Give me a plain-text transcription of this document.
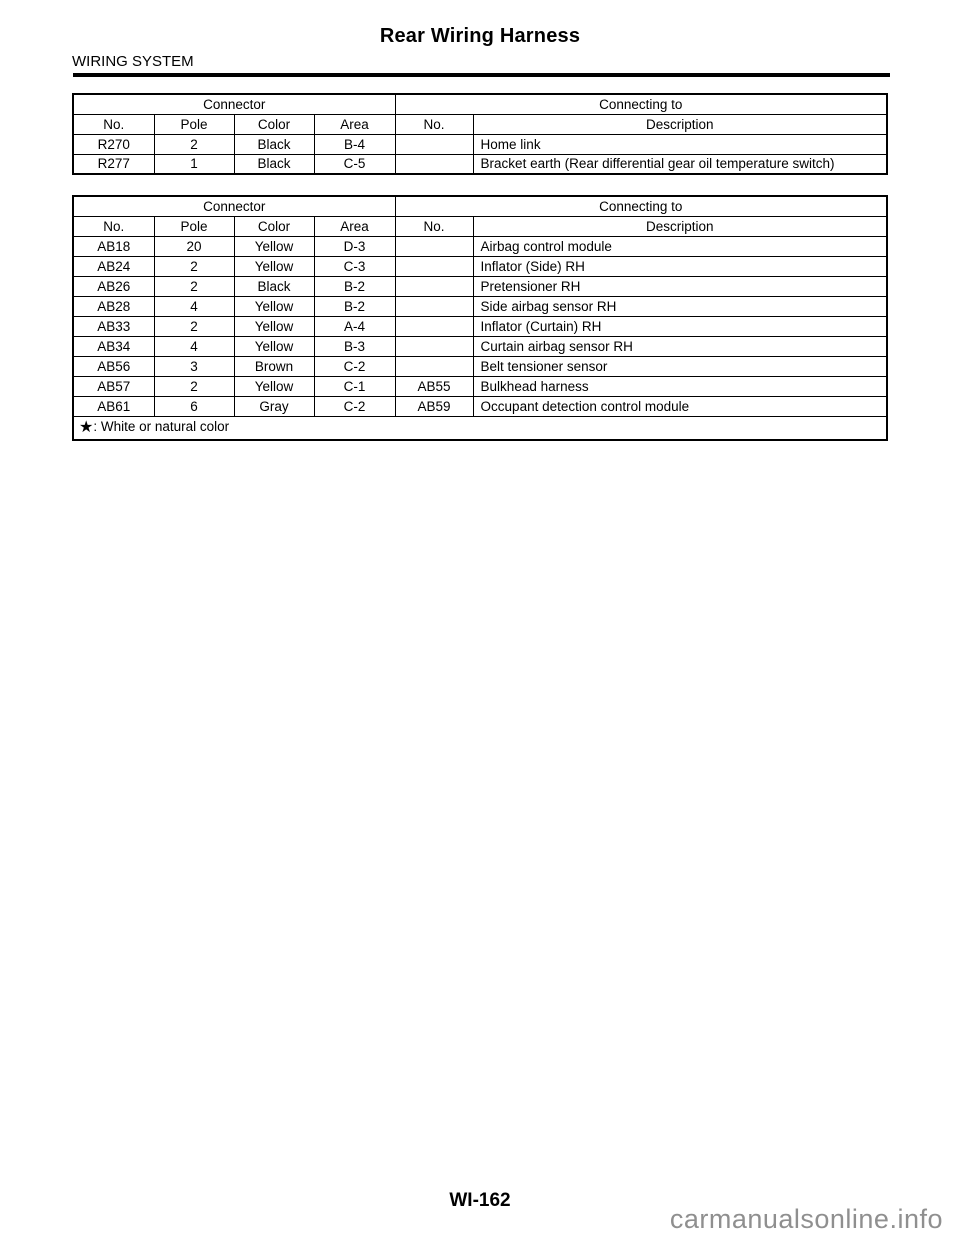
Rear Wiring Harness
WIRING SYSTEM
Connector				Connecting to	
No.	Pole	Color	Area	No.	Description
R270	2	Black	B-4		Home link
R277	1	Black	C-5		Bracket earth (Rear differential gear oil temperature switch)
Connector				Connecting to	
No.	Pole	Color	Area	No.	Description
AB18	20	Yellow	D-3		Airbag control module
AB24	2	Yellow	C-3		Inflator (Side) RH
AB26	2	Black	B-2		Pretensioner RH
AB28	4	Yellow	B-2		Side airbag sensor RH
AB33	2	Yellow	A-4		Inflator (Curtain) RH
AB34	4	Yellow	B-3		Curtain airbag sensor RH
AB56	3	Brown	C-2		Belt tensioner sensor
AB57	2	Yellow	C-1	AB55	Bulkhead harness
AB61	6	Gray	C-2	AB59	Occupant detection control module
★: White or natural color					
WI-162
carmanualsonline.info
